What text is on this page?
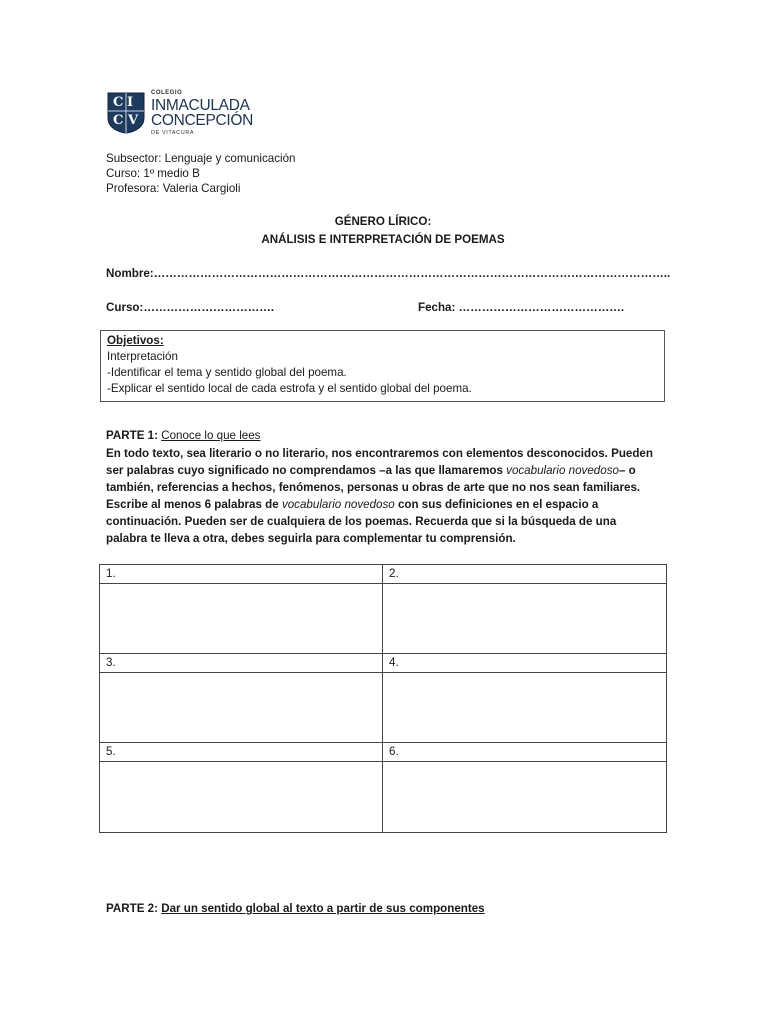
C I
C V
COLEGIO
INMACULADA CONCEPCIÓN
DE VITACURA
Subsector: Lenguaje y comunicación
Curso: 1º medio B
Profesora: Valeria Cargioli
GÉNERO LÍRICO:
ANÁLISIS E INTERPRETACIÓN DE POEMAS
Nombre:……………………………………………………………………………………………………………………..
Curso:…………………………….	Fecha: …………………………………….
Objetivos:
Interpretación
-Identificar el tema y sentido global del poema.
-Explicar el sentido local de cada estrofa y el sentido global del poema.
PARTE 1: Conoce lo que lees
En todo texto, sea literario o no literario, nos encontraremos con elementos desconocidos. Pueden
ser palabras cuyo significado no comprendamos –a las que llamaremos vocabulario novedoso– o
también, referencias a hechos, fenómenos, personas u obras de arte que no nos sean familiares.
Escribe al menos 6 palabras de vocabulario novedoso con sus definiciones en el espacio a
continuación. Pueden ser de cualquiera de los poemas. Recuerda que si la búsqueda de una
palabra te lleva a otra, debes seguirla para complementar tu comprensión.
1.	2.

3.	4.

5.	6.

PARTE 2: Dar un sentido global al texto a partir de sus componentes
